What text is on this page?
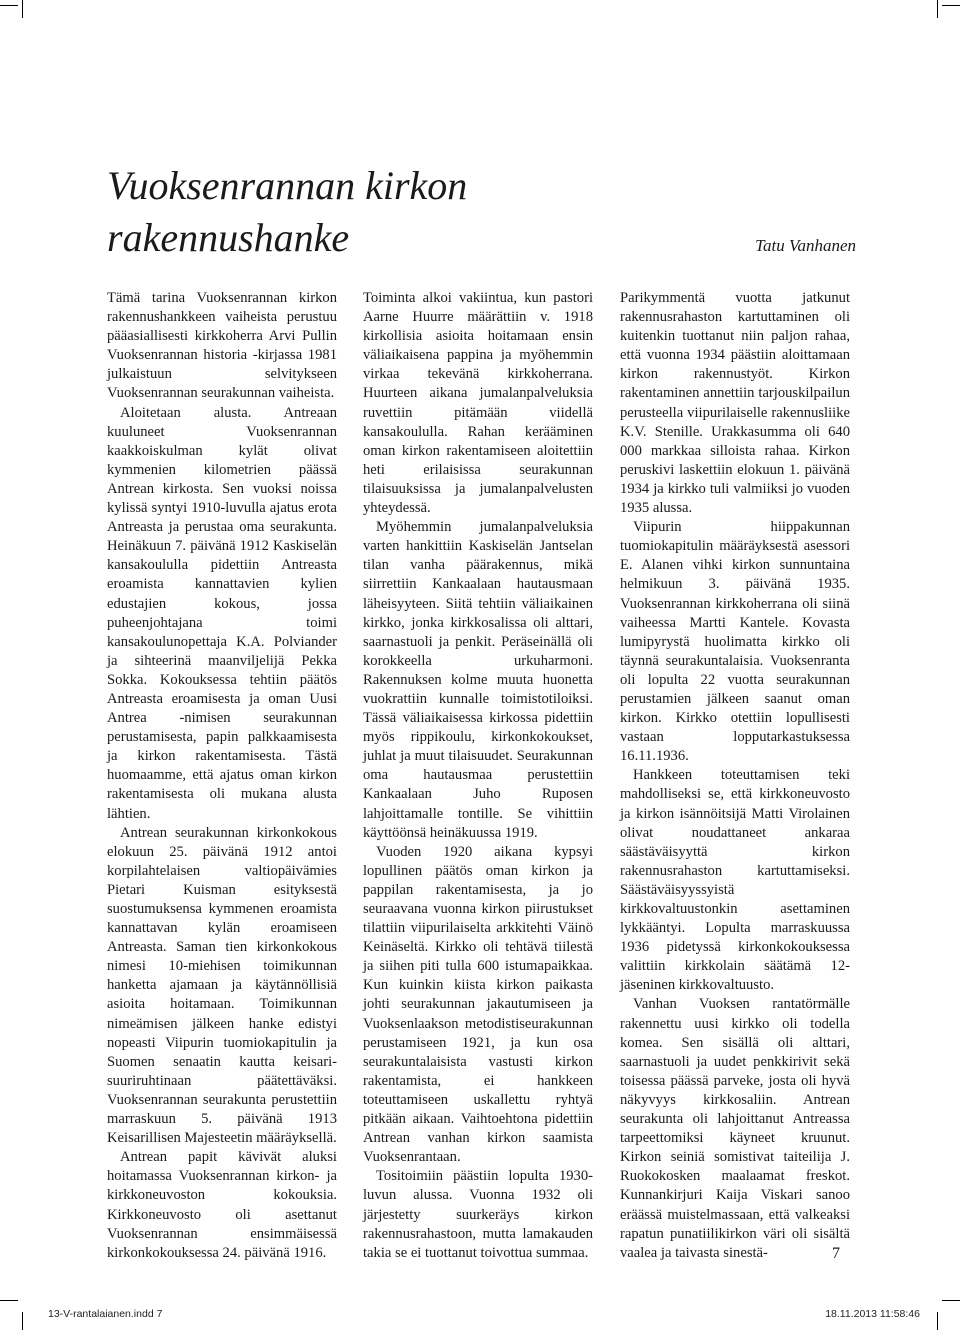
Vuoksenrannan kirkon
rakennushanke	Tatu Vanhanen

Tämä tarina Vuoksenrannan kirkon rakennushankkeen vaiheista perustuu pääasiallisesti kirkkoherra Arvi Pullin Vuoksenrannan historia -kirjassa 1981 julkaistuun selvitykseen Vuoksenrannan seurakunnan vaiheista.

Aloitetaan alusta. Antreaan kuuluneet Vuoksenrannan kaakkoiskulman kylät olivat kymmenien kilometrien päässä Antrean kirkosta. Sen vuoksi noissa kylissä syntyi 1910-luvulla ajatus erota Antreasta ja perustaa oma seurakunta. Heinäkuun 7. päivänä 1912 Kaskiselän kansakoululla pidettiin Antreasta eroamista kannattavien kylien edustajien kokous, jossa puheenjohtajana toimi kansakoulunopettaja K.A. Polviander ja sihteerinä maanviljelijä Pekka Sokka. Kokouksessa tehtiin päätös Antreasta eroamisesta ja oman Uusi Antrea -nimisen seurakunnan perustamisesta, papin palkkaamisesta ja kirkon rakentamisesta. Tästä huomaamme, että ajatus oman kirkon rakentamisesta oli mukana alusta lähtien.

Antrean seurakunnan kirkonkokous elokuun 25. päivänä 1912 antoi korpilahtelaisen valtiopäivämies Pietari Kuisman esityksestä suostumuksensa kymmenen eroamista kannattavan kylän eroamiseen Antreasta. Saman tien kirkonkokous nimesi 10-miehisen toimikunnan hanketta ajamaan ja käytännöllisiä asioita hoitamaan. Toimikunnan nimeämisen jälkeen hanke edistyi nopeasti Viipurin tuomiokapitulin ja Suomen senaatin kautta keisari-suuriruhtinaan päätettäväksi. Vuoksenrannan seurakunta perustettiin marraskuun 5. päivänä 1913 Keisarillisen Majesteetin määräyksellä.

Antrean papit kävivät aluksi hoitamassa Vuoksenrannan kirkon- ja kirkkoneuvoston kokouksia. Kirkkoneuvosto oli asettanut Vuoksenrannan ensimmäisessä kirkonkokouksessa 24. päivänä 1916.

Toiminta alkoi vakiintua, kun pastori Aarne Huurre määrättiin v. 1918 kirkollisia asioita hoitamaan ensin väliaikaisena pappina ja myöhemmin virkaa tekevänä kirkkoherrana. Huurteen aikana jumalanpalveluksia ruvettiin pitämään viidellä kansakoululla. Rahan kerääminen oman kirkon rakentamiseen aloitettiin heti erilaisissa seurakunnan tilaisuuksissa ja jumalanpalvelusten yhteydessä.

Myöhemmin jumalanpalveluksia varten hankittiin Kaskiselän Jantselan tilan vanha päärakennus, mikä siirrettiin Kankaalaan hautausmaan läheisyyteen. Siitä tehtiin väliaikainen kirkko, jonka kirkkosalissa oli alttari, saarnastuoli ja penkit. Peräseinällä oli korokkeella urkuharmoni. Rakennuksen kolme muuta huonetta vuokrattiin kunnalle toimistotiloiksi. Tässä väliaikaisessa kirkossa pidettiin myös rippikoulu, kirkonkokoukset, juhlat ja muut tilaisuudet. Seurakunnan oma hautausmaa perustettiin Kankaalaan Juho Ruposen lahjoittamalle tontille. Se vihittiin käyttöönsä heinäkuussa 1919.

Vuoden 1920 aikana kypsyi lopullinen päätös oman kirkon ja pappilan rakentamisesta, ja jo seuraavana vuonna kirkon piirustukset tilattiin viipurilaiselta arkkitehti Väinö Keinäseltä. Kirkko oli tehtävä tiilestä ja siihen piti tulla 600 istumapaikkaa. Kun kuinkin kiista kirkon paikasta johti seurakunnan jakautumiseen ja Vuoksenlaakson metodistiseurakunnan perustamiseen 1921, ja kun osa seurakuntalaisista vastusti kirkon rakentamista, ei hankkeen toteuttamiseen uskallettu ryhtyä pitkään aikaan. Vaihtoehtona pidettiin Antrean vanhan kirkon saamista Vuoksenrantaan.

Tositoimiin päästiin lopulta 1930-luvun alussa. Vuonna 1932 oli järjestetty suurkeräys kirkon rakennusrahastoon, mutta lamakauden takia se ei tuottanut toivottua summaa.

Parikymmentä vuotta jatkunut rakennusrahaston kartuttaminen oli kuitenkin tuottanut niin paljon rahaa, että vuonna 1934 päästiin aloittamaan kirkon rakennustyöt. Kirkon rakentaminen annettiin tarjouskilpailun perusteella viipurilaiselle rakennusliike K.V. Stenille. Urakkasumma oli 640 000 markkaa silloista rahaa. Kirkon peruskivi laskettiin elokuun 1. päivänä 1934 ja kirkko tuli valmiiksi jo vuoden 1935 alussa.

Viipurin hiippakunnan tuomiokapitulin määräyksestä asessori E. Alanen vihki kirkon sunnuntaina helmikuun 3. päivänä 1935. Vuoksenrannan kirkkoherrana oli siinä vaiheessa Martti Kantele. Kovasta lumipyrystä huolimatta kirkko oli täynnä seurakuntalaisia. Vuoksenranta oli lopulta 22 vuotta seurakunnan perustamien jälkeen saanut oman kirkon. Kirkko otettiin lopullisesti vastaan lopputarkastuksessa 16.11.1936.

Hankkeen toteuttamisen teki mahdolliseksi se, että kirkkoneuvosto ja kirkon isännöitsijä Matti Virolainen olivat noudattaneet ankaraa säästäväisyyttä kirkon rakennusrahaston kartuttamiseksi. Säästäväisyyssyistä kirkkovaltuustonkin asettaminen lykkääntyi. Lopulta marraskuussa 1936 pidetyssä kirkonkokouksessa valittiin kirkkolain säätämä 12-jäseninen kirkkovaltuusto.

Vanhan Vuoksen rantatörmälle rakennettu uusi kirkko oli todella komea. Sen sisällä oli alttari, saarnastuoli ja uudet penkkirivit sekä toisessa päässä parveke, josta oli hyvä näkyvyys kirkkosaliin. Antrean seurakunta oli lahjoittanut Antreassa tarpeettomiksi käyneet kruunut. Kirkon seiniä somistivat taiteilija J. Ruokokosken maalaamat freskot. Kunnankirjuri Kaija Viskari sanoo eräässä muistelmassaan, että valkeaksi rapatun punatiilikirkon väri oli sisältä vaalea ja taivasta sinestä-	7
13-V-rantalaianen.indd 7	18.11.2013 11:58:46
